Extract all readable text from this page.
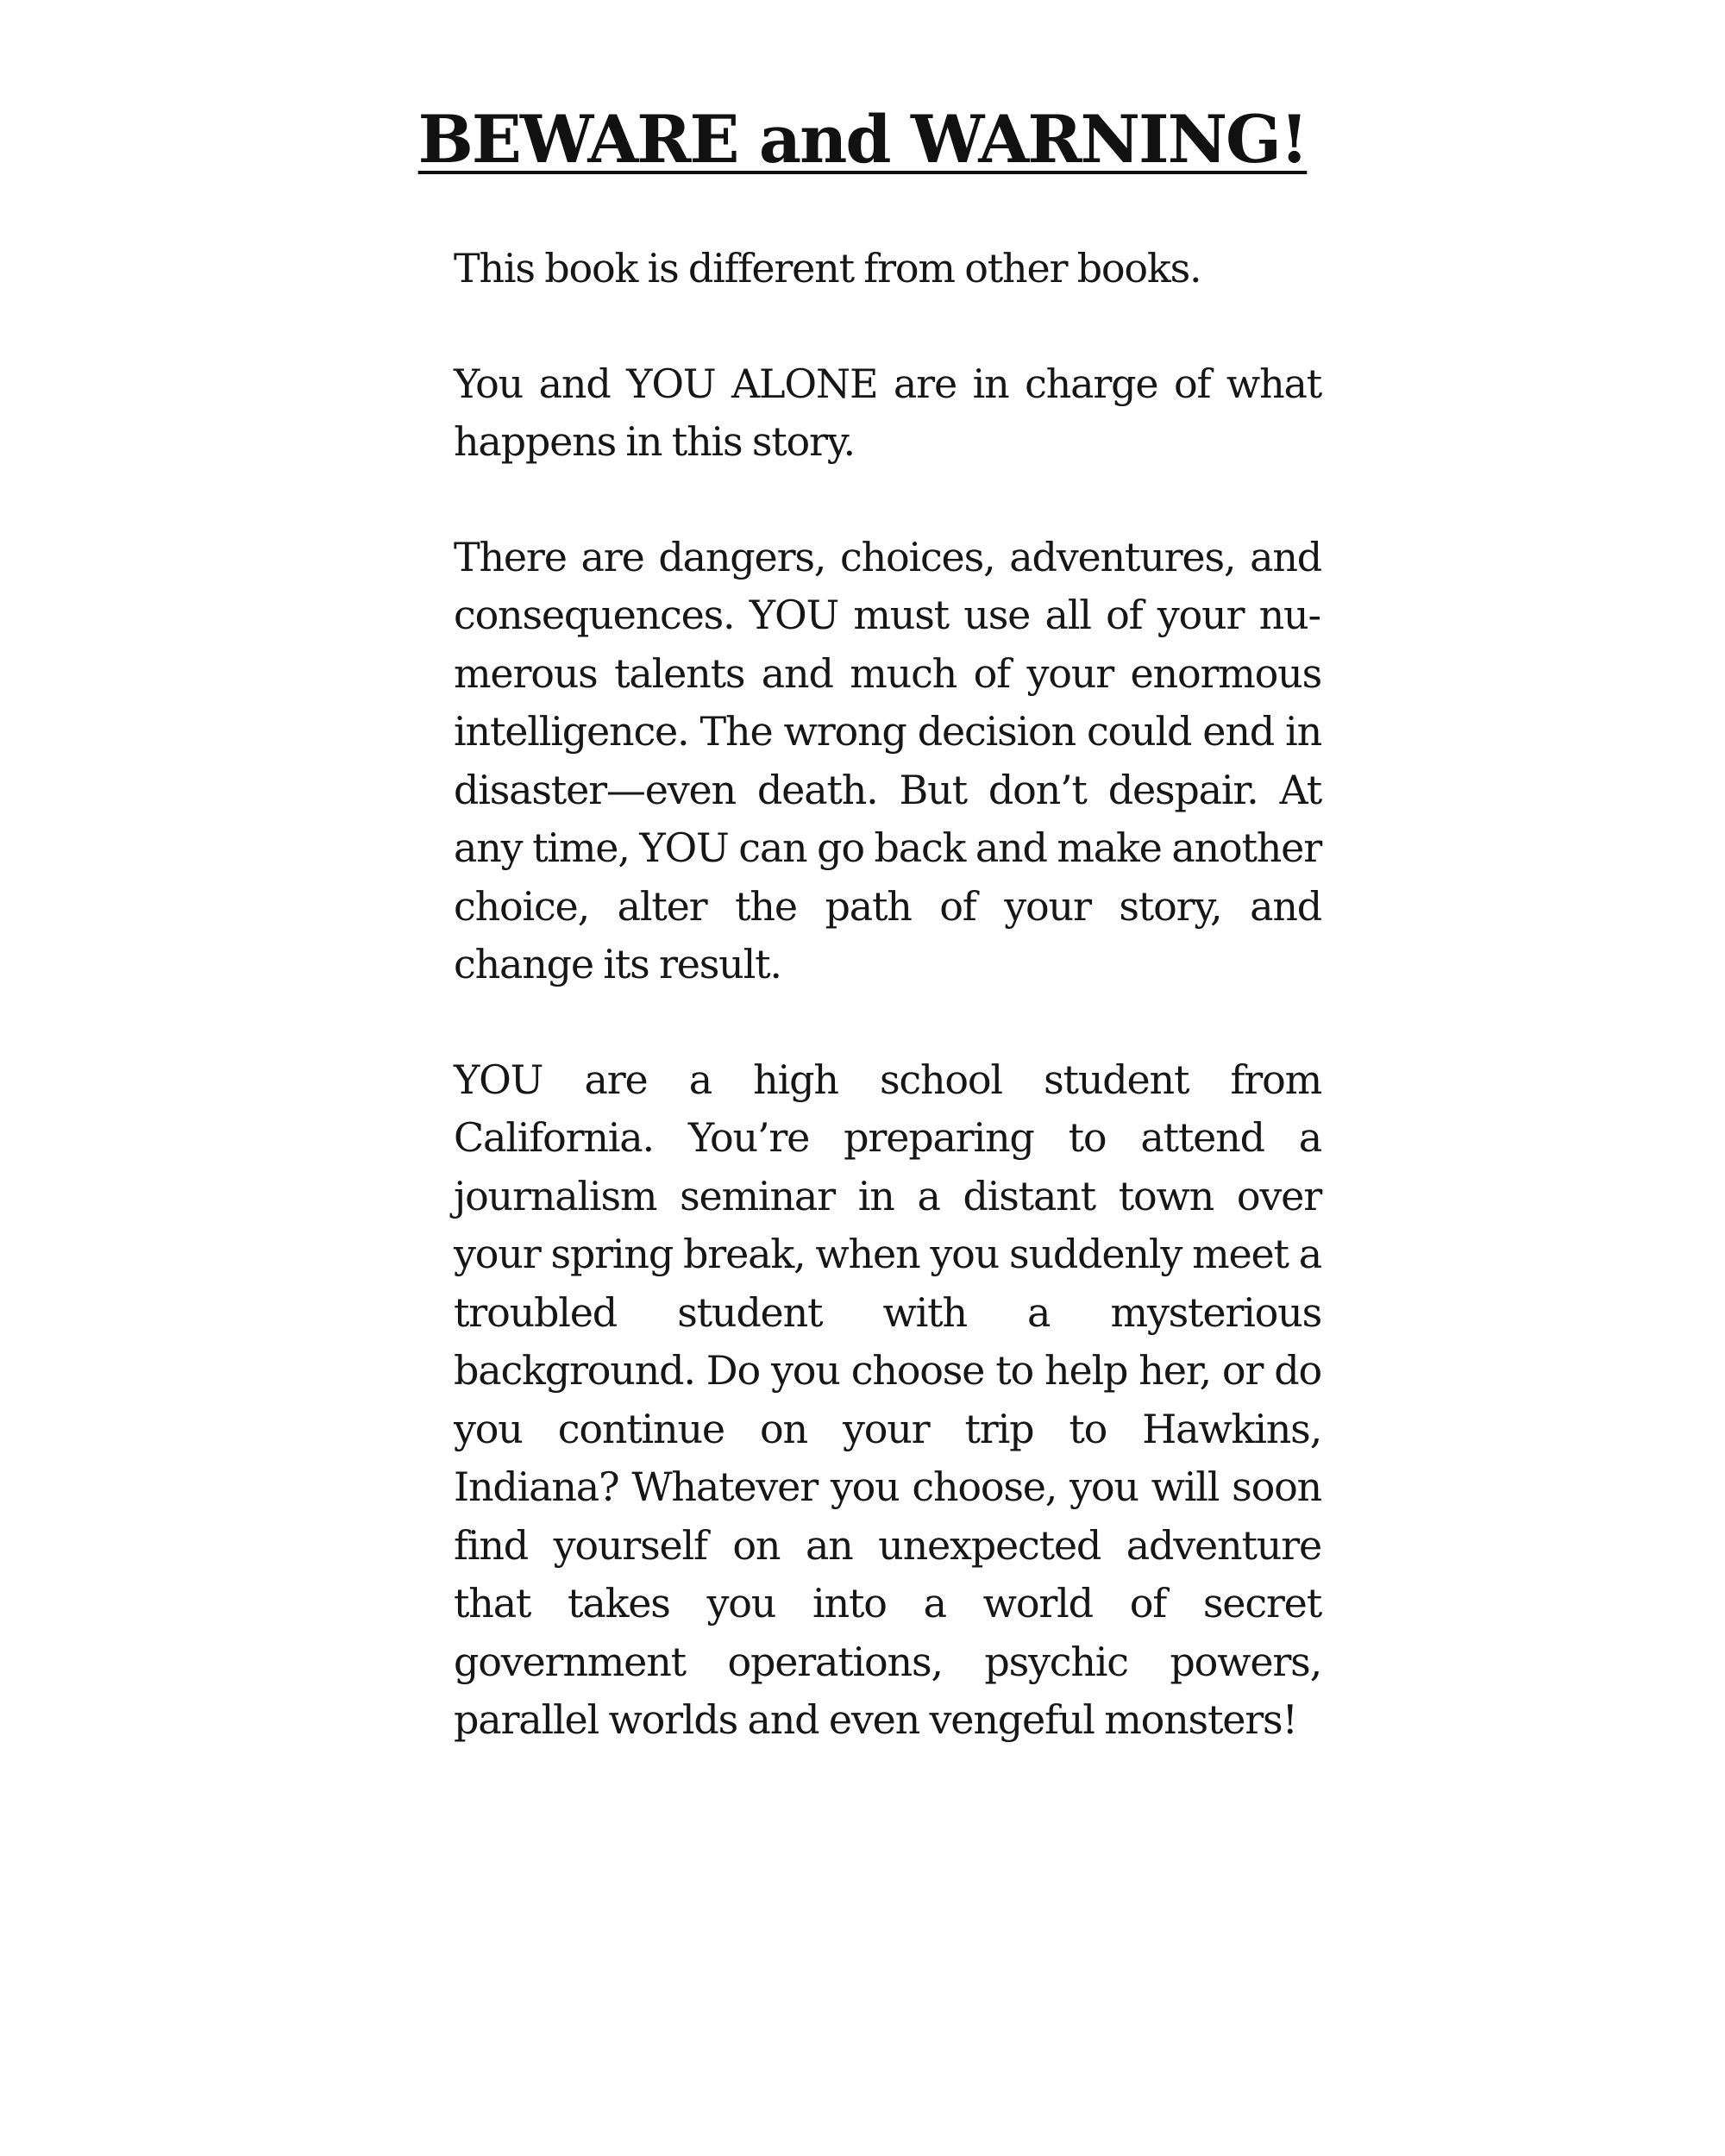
BEWARE and WARNING!

This book is different from other books.

You and YOU ALONE are in charge of what happens in this story.

There are dangers, choices, adventures, and consequences. YOU must use all of your numerous talents and much of your enormous intelligence. The wrong decision could end in disaster—even death. But don’t despair. At any time, YOU can go back and make another choice, alter the path of your story, and change its result.

YOU are a high school student from California. You’re preparing to attend a journalism seminar in a distant town over your spring break, when you suddenly meet a troubled student with a mysterious background. Do you choose to help her, or do you continue on your trip to Hawkins, Indiana? Whatever you choose, you will soon find yourself on an unexpected adventure that takes you into a world of secret government operations, psychic powers, parallel worlds and even vengeful monsters!
